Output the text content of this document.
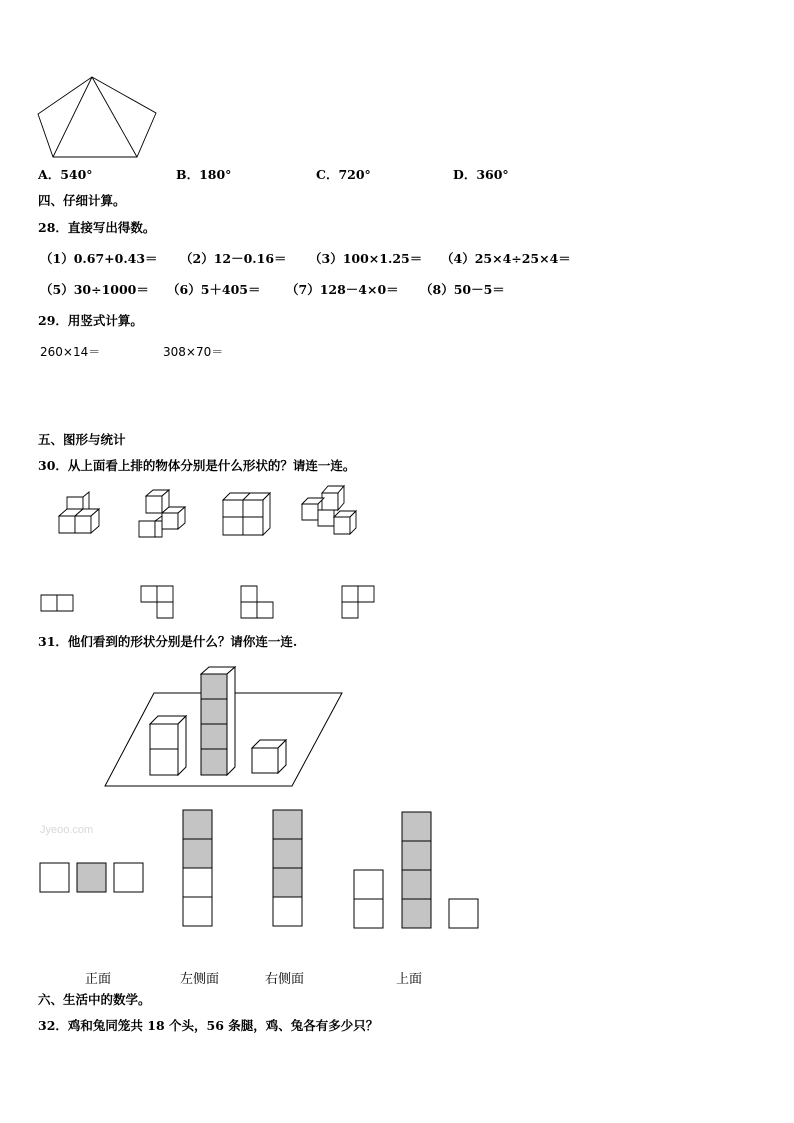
A．540°	B．180°	C．720°	D．360°
四、仔细计算。
28．直接写出得数。
（1）0.67+0.43＝ （2）12－0.16＝ （3）100×1.25＝ （4）25×4÷25×4＝
（5）30÷1000＝ （6）5＋405＝ （7）128－4×0＝ （8）50－5＝
29．用竖式计算。
260×14＝	308×70＝
五、图形与统计
30．从上面看上排的物体分别是什么形状的？请连一连。
31．他们看到的形状分别是什么？请你连一连.
Jyeoo.com
正面	左侧面	右侧面	上面
六、生活中的数学。
32．鸡和兔同笼共 18 个头，56 条腿，鸡、兔各有多少只？
